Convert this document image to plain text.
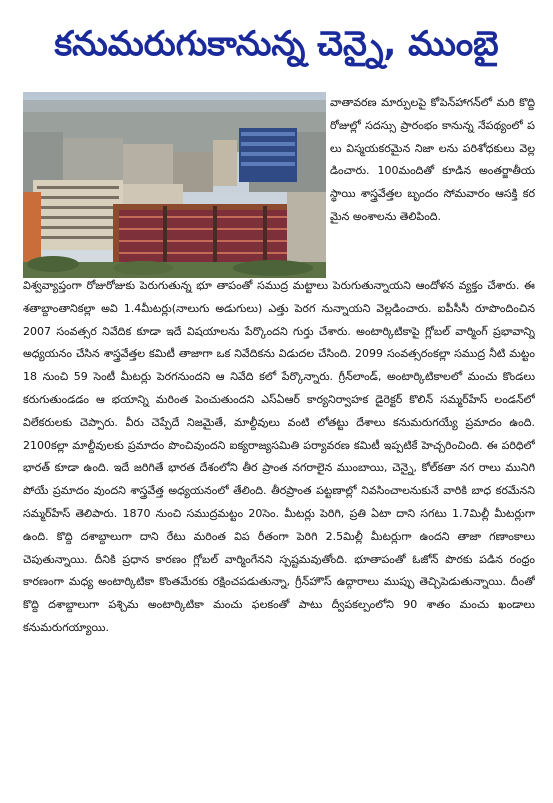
కనుమరుగుకానున్న చెన్నై, ముంబై

వాతావరణ మార్పులపై కోపెన్‌హాగన్‌లో మరి కొద్ది రోజుల్లో సదస్సు ప్రారంభం కానున్న నేపథ్యంలో పలు విస్మయకరమైన నిజా లను పరిశోధకులు వెల్లడించారు. 100మందితో కూడిన అంతర్జాతీయ స్థాయి శాస్త్రవేత్తల బృందం సోమవారం ఆసక్తి కరమైన అంశాలను తెలిపింది.

విశ్వవ్యాప్తంగా రోజురోజుకు పెరుగుతున్న భూ తాపంతో సముద్ర మట్టాలు పెరుగుతున్నాయని ఆందోళన వ్యక్తం చేశారు. ఈ శతాబ్దాంతానికల్లా అవి 1.4మీటర్లు(నాలుగు అడుగులు) ఎత్తు పెరగ నున్నాయని వెల్లడించారు. ఐపీసీసీ రూపొందించిన 2007 సంవత్సర నివేదిక కూడా ఇదే విషయాలను పేర్కొందని గుర్తు చేశారు. అంటార్కిటికాపై గ్లోబల్ వార్మింగ్ ప్రభావాన్ని అధ్యయనం చేసిన శాస్త్రవేత్తల కమిటీ తాజాగా ఒక నివేదికను విడుదల చేసింది. 2099 సంవత్సరంకల్లా సముద్ర నీటి మట్టం 18 నుంచి 59 సెంటీ మీటర్లు పెరగనుందని ఆ నివేది కలో పేర్కొన్నారు. గ్రీన్‌లాండ్, అంటార్కిటికాలలో మంచు కొండలు కరుగుతుండడం ఆ భయాన్ని మరింత పెంచుతుందని ఎస్‌ఏఆర్ కార్యనిర్వాహక డైరెక్టర్ కొలిన్ సమ్మర్‌హేస్ లండన్‌లో విలేకరులకు చెప్పారు. వీరు చెప్పేదే నిజమైతే, మాల్దీవులు వంటి లోతట్టు దేశాలు కనుమరుగయ్యే ప్రమాదం ఉంది. 2100కల్లా మాల్దీవులకు ప్రమాదం పొంచివుందని ఐక్యరాజ్యసమితి పర్యావరణ కమిటీ ఇప్పటికే హెచ్చరించింది. ఈ పరిధిలో భారత్ కూడా ఉంది. ఇదే జరిగితే భారత దేశంలోని తీర ప్రాంత నగరాలైన ముంబాయి, చెన్నై, కోల్‌కతా నగ రాలు మునిగి పోయే ప్రమాదం వుందని శాస్త్రవేత్త అధ్యయనంలో తేలింది. తీరప్రాంత పట్టణాల్లో నివసించాలనుకునే వారికి బాధ కరమేనని సమ్మర్‌హేస్ తెలిపారు. 1870 నుంచి సముద్రమట్టం 20సెం. మీటర్లు పెరిగి, ప్రతి ఏటా దాని సగటు 1.7మిల్లీ మీటర్లుగా ఉంది. కొద్ది దశాబ్దాలుగా దాని రేటు మరింత విప రీతంగా పెరిగి 2.5మిల్లీ మీటర్లుగా ఉందని తాజా గణాంకాలు చెపుతున్నాయి. దీనికి ప్రధాన కారణం గ్లోబల్ వార్మింగేనని స్పష్టమవుతోంది. భూతాపంతో ఓజోన్ పొరకు పడిన రంధ్రం కారణంగా మధ్య అంటార్కిటికా కొంతమేరకు రక్షించపడుతున్నా, గ్రీన్‌హౌస్ ఉద్గారాలు ముప్పు తెచ్చిపెడుతున్నాయి. దీంతో కొద్ది దశాబ్దాలుగా పశ్చిమ అంటార్కిటికా మంచు ఫలకంతో పాటు ద్వీపకల్పంలోని 90 శాతం మంచు ఖండాలు కనుమరుగయ్యాయి.
